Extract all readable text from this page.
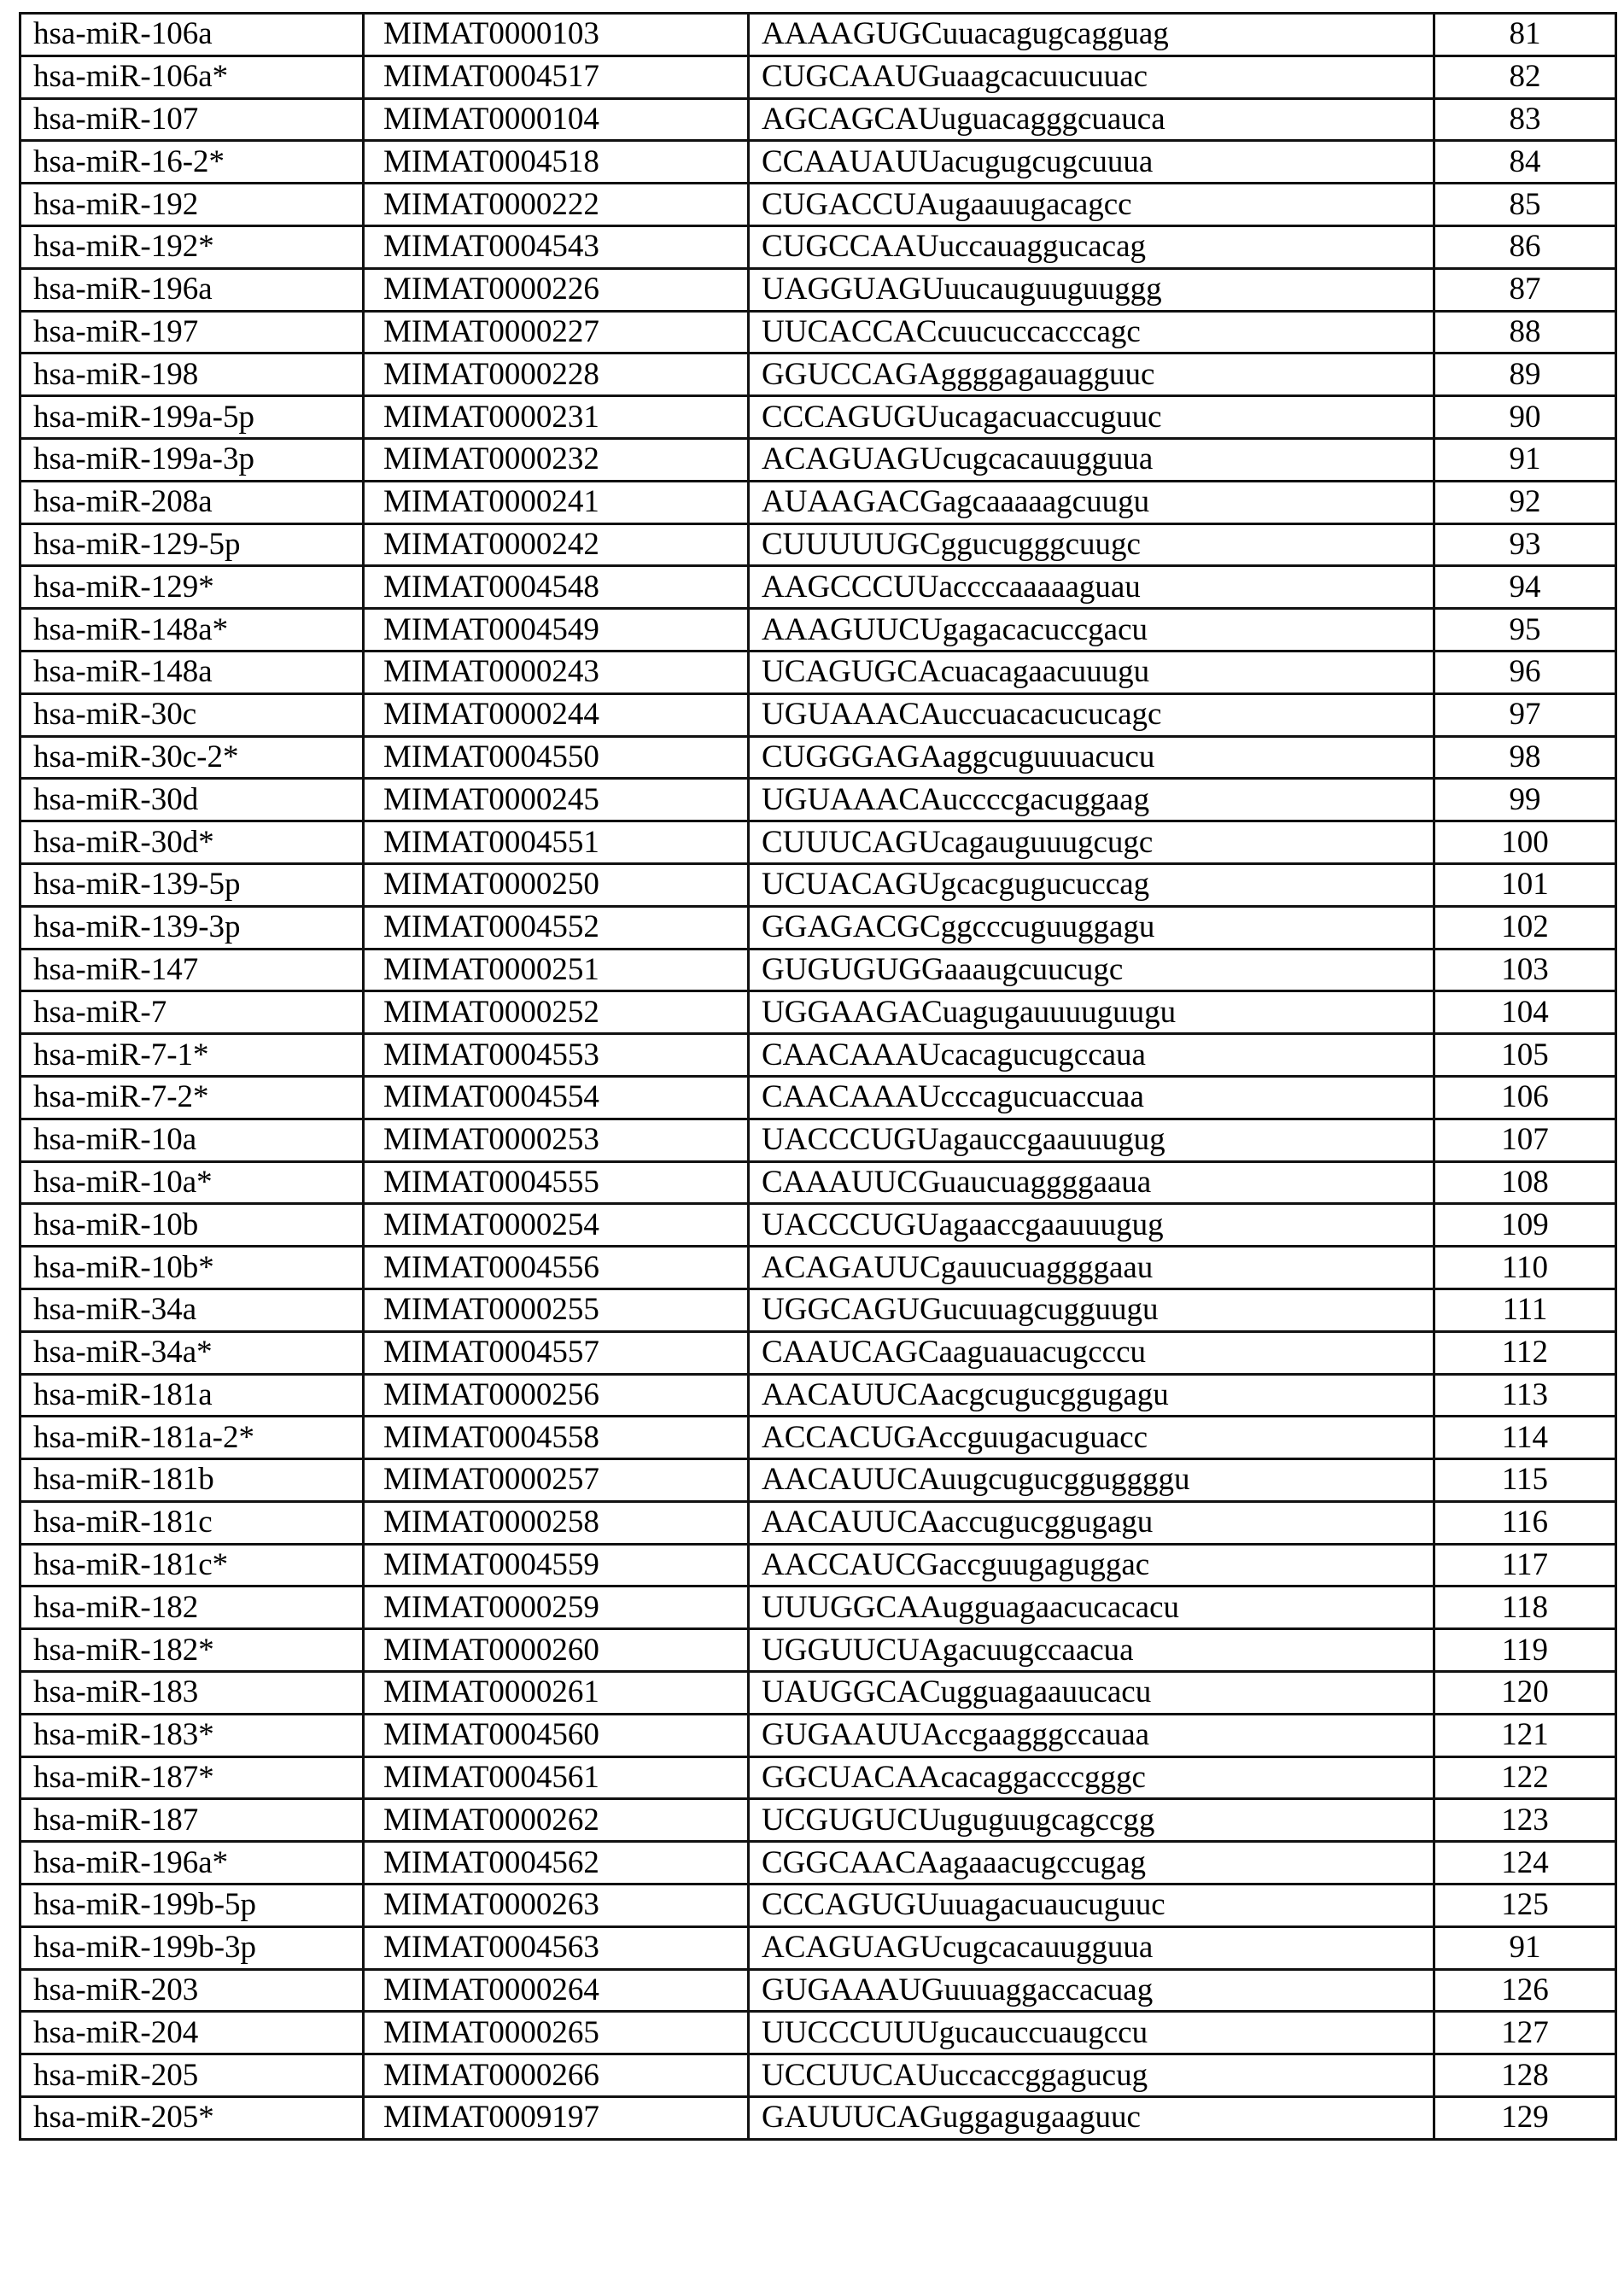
hsa-miR-106a	MIMAT0000103	AAAAGUGCuuacagugcagguag	81
hsa-miR-106a*	MIMAT0004517	CUGCAAUGuaagcacuucuuac	82
hsa-miR-107	MIMAT0000104	AGCAGCAUuguacagggcuauca	83
hsa-miR-16-2*	MIMAT0004518	CCAAUAUUacugugcugcuuua	84
hsa-miR-192	MIMAT0000222	CUGACCUAugaauugacagcc	85
hsa-miR-192*	MIMAT0004543	CUGCCAAUuccauaggucacag	86
hsa-miR-196a	MIMAT0000226	UAGGUAGUuucauguuguuggg	87
hsa-miR-197	MIMAT0000227	UUCACCACcuucuccacccagc	88
hsa-miR-198	MIMAT0000228	GGUCCAGAggggagauagguuc	89
hsa-miR-199a-5p	MIMAT0000231	CCCAGUGUucagacuaccuguuc	90
hsa-miR-199a-3p	MIMAT0000232	ACAGUAGUcugcacauugguua	91
hsa-miR-208a	MIMAT0000241	AUAAGACGagcaaaaagcuugu	92
hsa-miR-129-5p	MIMAT0000242	CUUUUUGCggucugggcuugc	93
hsa-miR-129*	MIMAT0004548	AAGCCCUUaccccaaaaaguau	94
hsa-miR-148a*	MIMAT0004549	AAAGUUCUgagacacuccgacu	95
hsa-miR-148a	MIMAT0000243	UCAGUGCAcuacagaacuuugu	96
hsa-miR-30c	MIMAT0000244	UGUAAACAuccuacacucucagc	97
hsa-miR-30c-2*	MIMAT0004550	CUGGGAGAaggcuguuuacucu	98
hsa-miR-30d	MIMAT0000245	UGUAAACAuccccgacuggaag	99
hsa-miR-30d*	MIMAT0004551	CUUUCAGUcagauguuugcugc	100
hsa-miR-139-5p	MIMAT0000250	UCUACAGUgcacgugucuccag	101
hsa-miR-139-3p	MIMAT0004552	GGAGACGCggcccuguuggagu	102
hsa-miR-147	MIMAT0000251	GUGUGUGGaaaugcuucugc	103
hsa-miR-7	MIMAT0000252	UGGAAGACuagugauuuuguugu	104
hsa-miR-7-1*	MIMAT0004553	CAACAAAUcacagucugccaua	105
hsa-miR-7-2*	MIMAT0004554	CAACAAAUcccagucuaccuaa	106
hsa-miR-10a	MIMAT0000253	UACCCUGUagauccgaauuugug	107
hsa-miR-10a*	MIMAT0004555	CAAAUUCGuaucuaggggaaua	108
hsa-miR-10b	MIMAT0000254	UACCCUGUagaaccgaauuugug	109
hsa-miR-10b*	MIMAT0004556	ACAGAUUCgauucuaggggaau	110
hsa-miR-34a	MIMAT0000255	UGGCAGUGucuuagcugguugu	111
hsa-miR-34a*	MIMAT0004557	CAAUCAGCaaguauacugcccu	112
hsa-miR-181a	MIMAT0000256	AACAUUCAacgcugucggugagu	113
hsa-miR-181a-2*	MIMAT0004558	ACCACUGAccguugacuguacc	114
hsa-miR-181b	MIMAT0000257	AACAUUCAuugcugucgguggggu	115
hsa-miR-181c	MIMAT0000258	AACAUUCAaccugucggugagu	116
hsa-miR-181c*	MIMAT0004559	AACCAUCGaccguugaguggac	117
hsa-miR-182	MIMAT0000259	UUUGGCAAugguagaacucacacu	118
hsa-miR-182*	MIMAT0000260	UGGUUCUAgacuugccaacua	119
hsa-miR-183	MIMAT0000261	UAUGGCACugguagaauucacu	120
hsa-miR-183*	MIMAT0004560	GUGAAUUAccgaagggccauaa	121
hsa-miR-187*	MIMAT0004561	GGCUACAAcacaggacccgggc	122
hsa-miR-187	MIMAT0000262	UCGUGUCUuguguugcagccgg	123
hsa-miR-196a*	MIMAT0004562	CGGCAACAagaaacugccugag	124
hsa-miR-199b-5p	MIMAT0000263	CCCAGUGUuuagacuaucuguuc	125
hsa-miR-199b-3p	MIMAT0004563	ACAGUAGUcugcacauugguua	91
hsa-miR-203	MIMAT0000264	GUGAAAUGuuuaggaccacuag	126
hsa-miR-204	MIMAT0000265	UUCCCUUUgucauccuaugccu	127
hsa-miR-205	MIMAT0000266	UCCUUCAUuccaccggagucug	128
hsa-miR-205*	MIMAT0009197	GAUUUCAGuggagugaaguuc	129
